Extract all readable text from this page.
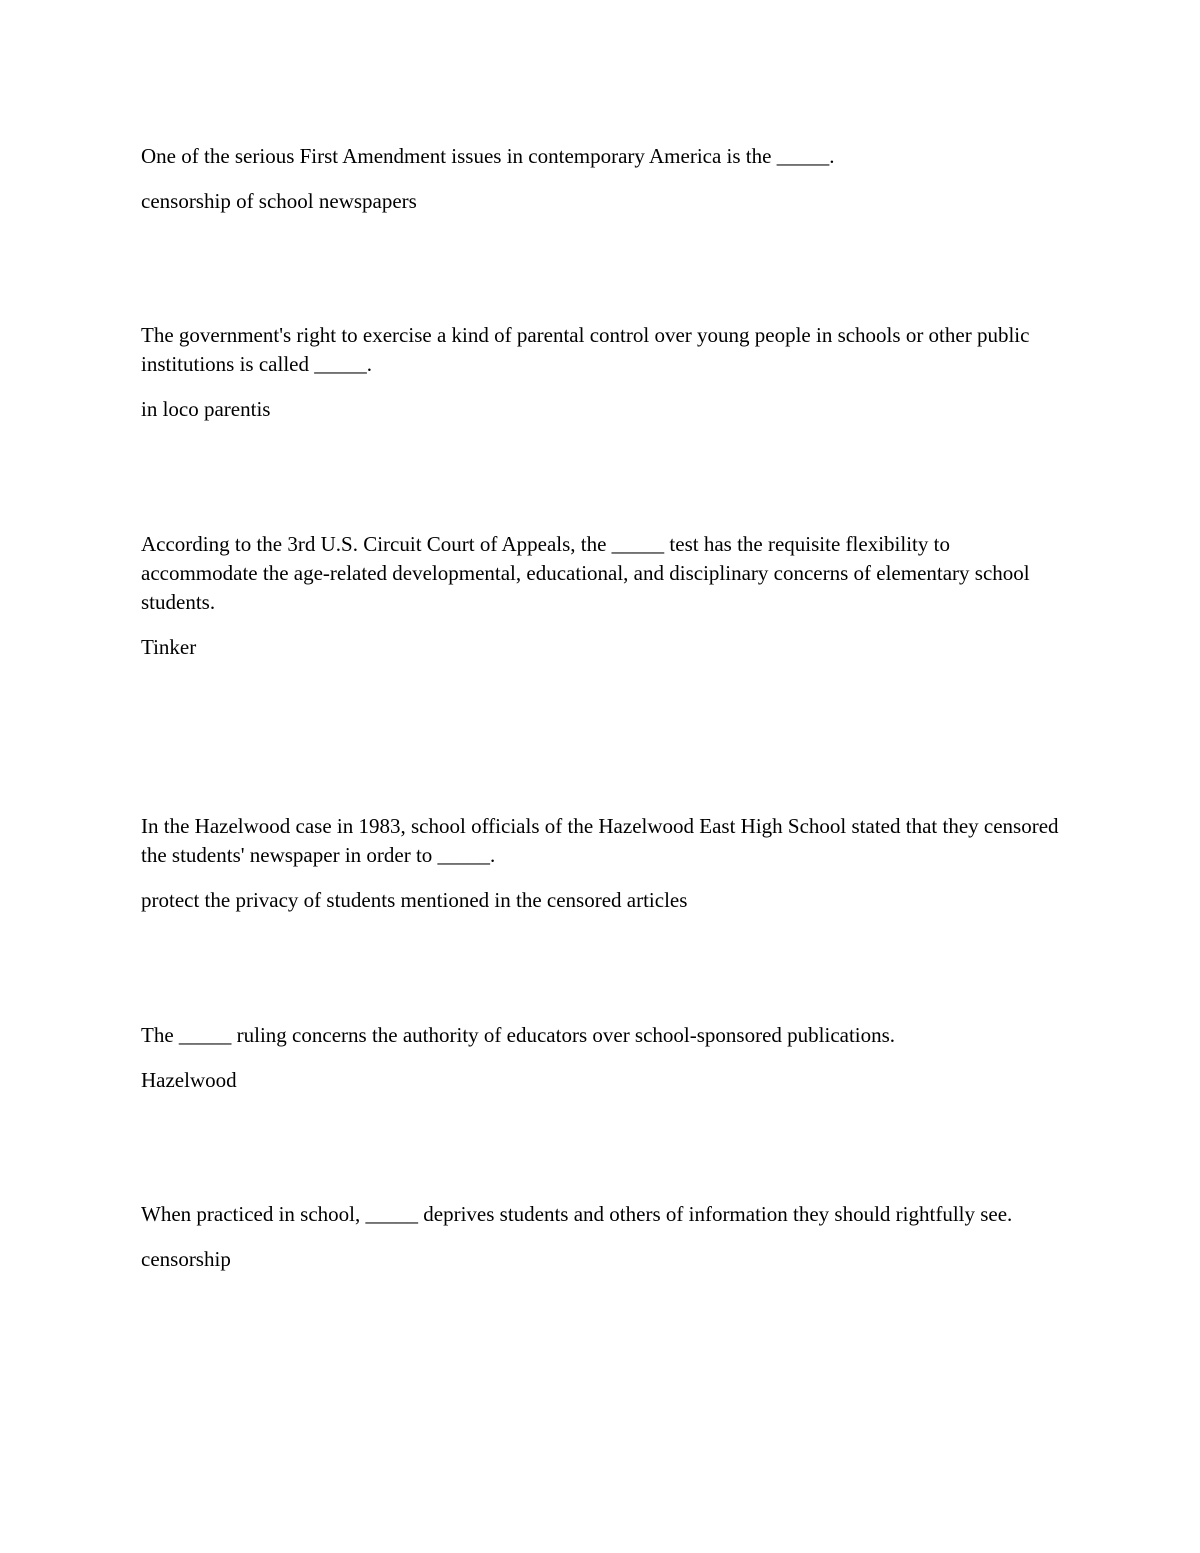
One of the serious First Amendment issues in contemporary America is the _____.

censorship of school newspapers

The government's right to exercise a kind of parental control over young people in schools or other public institutions is called _____.

in loco parentis

According to the 3rd U.S. Circuit Court of Appeals, the _____ test has the requisite flexibility to accommodate the age-related developmental, educational, and disciplinary concerns of elementary school students.

Tinker

In the Hazelwood case in 1983, school officials of the Hazelwood East High School stated that they censored the students' newspaper in order to _____.

protect the privacy of students mentioned in the censored articles

The _____ ruling concerns the authority of educators over school-sponsored publications.

Hazelwood

When practiced in school, _____ deprives students and others of information they should rightfully see.

censorship
